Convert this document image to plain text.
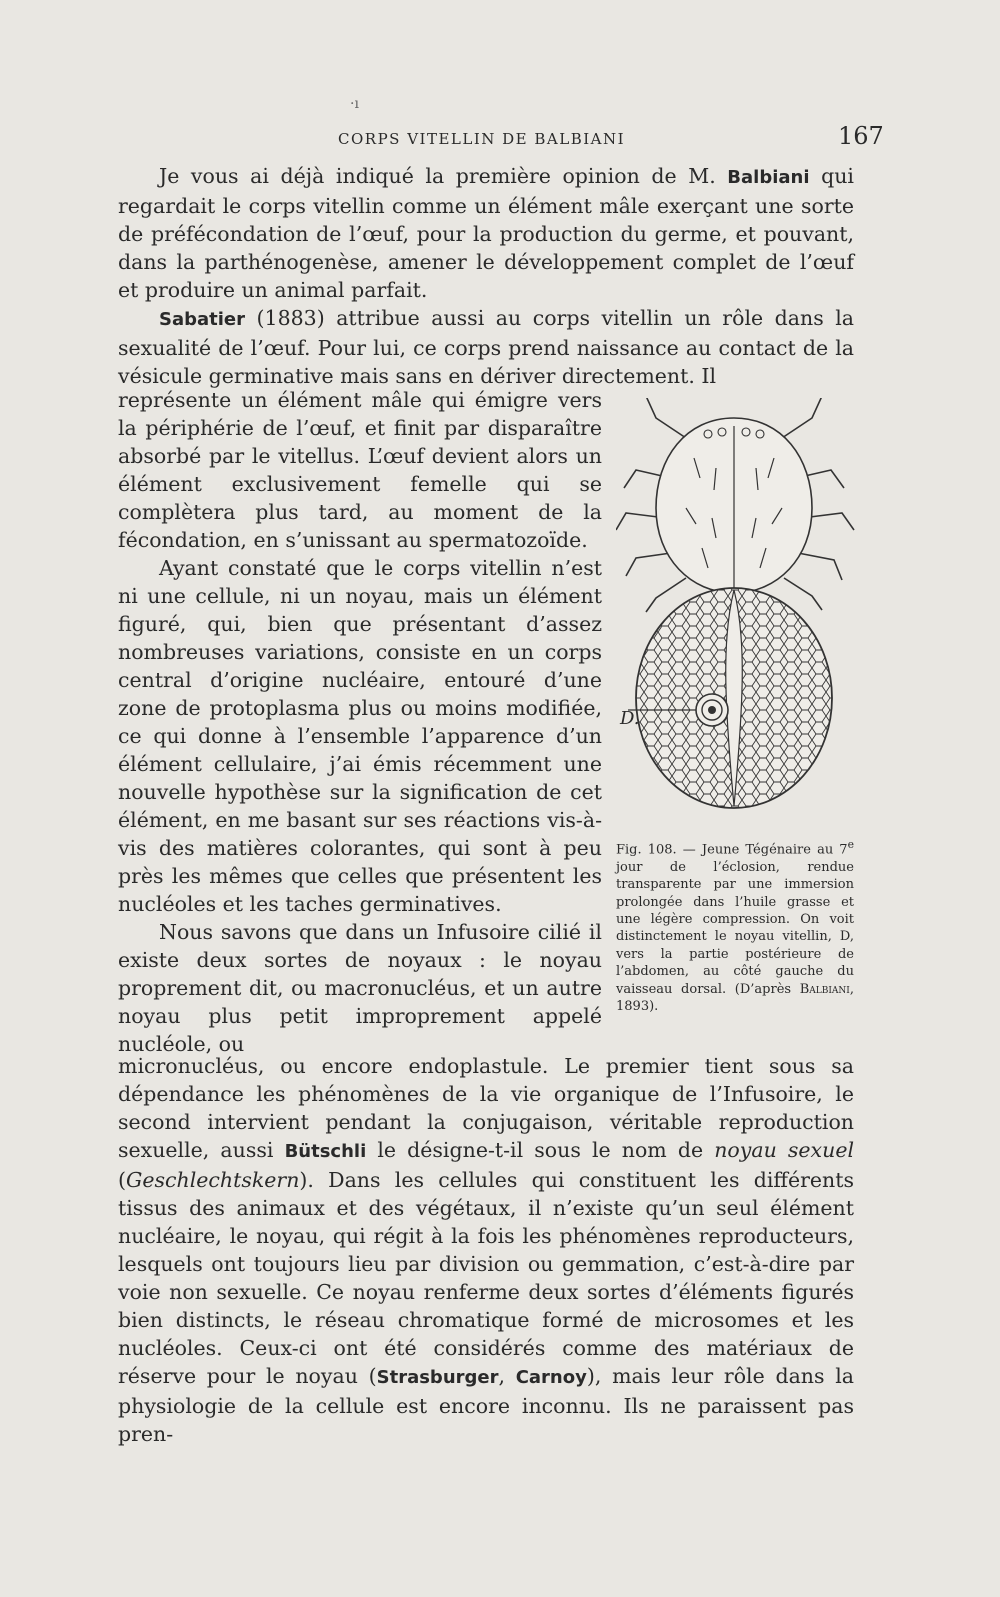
·ı
CORPS VITELLIN DE BALBIANI	167

Je vous ai déjà indiqué la première opinion de M. Balbiani qui regardait le corps vitellin comme un élément mâle exerçant une sorte de préfécondation de l’œuf, pour la production du germe, et pouvant, dans la parthénogenèse, amener le développement complet de l’œuf et produire un animal parfait.

Sabatier (1883) attribue aussi au corps vitellin un rôle dans la sexualité de l’œuf. Pour lui, ce corps prend naissance au contact de la vésicule germinative mais sans en dériver directement. Il

représente un élément mâle qui émigre vers la périphérie de l’œuf, et finit par disparaître absorbé par le vitellus. L’œuf devient alors un élément exclusivement femelle qui se complètera plus tard, au moment de la fécondation, en s’unissant au spermatozoïde.

Ayant constaté que le corps vitellin n’est ni une cellule, ni un noyau, mais un élément figuré, qui, bien que présentant d’assez nombreuses variations, consiste en un corps central d’origine nucléaire, entouré d’une zone de protoplasma plus ou moins modifiée, ce qui donne à l’ensemble l’apparence d’un élément cellulaire, j’ai émis récemment une nouvelle hypothèse sur la signification de cet élément, en me basant sur ses réactions vis-à-vis des matières colorantes, qui sont à peu près les mêmes que celles que présentent les nucléoles et les taches germinatives.

Nous savons que dans un Infusoire cilié il existe deux sortes de noyaux : le noyau proprement dit, ou macronucléus, et un autre noyau plus petit improprement appelé nucléole, ou

micronucléus, ou encore endoplastule. Le premier tient sous sa dépendance les phénomènes de la vie organique de l’Infusoire, le second intervient pendant la conjugaison, véritable reproduction sexuelle, aussi Bütschli le désigne-t-il sous le nom de noyau sexuel (Geschlechtskern). Dans les cellules qui constituent les différents tissus des animaux et des végétaux, il n’existe qu’un seul élément nucléaire, le noyau, qui régit à la fois les phénomènes reproducteurs, lesquels ont toujours lieu par division ou gemmation, c’est-à-dire par voie non sexuelle. Ce noyau renferme deux sortes d’éléments figurés bien distincts, le réseau chromatique formé de microsomes et les nucléoles. Ceux-ci ont été considérés comme des matériaux de réserve pour le noyau (Strasburger, Carnoy), mais leur rôle dans la physiologie de la cellule est encore inconnu. Ils ne paraissent pas pren-

D.
Fig. 108. — Jeune Tégénaire au 7e jour de l’éclosion, rendue transparente par une immersion prolongée dans l’huile grasse et une légère compression. On voit distinctement le noyau vitellin, D, vers la partie postérieure de l’abdomen, au côté gauche du vaisseau dorsal. (D’après Balbiani, 1893).
